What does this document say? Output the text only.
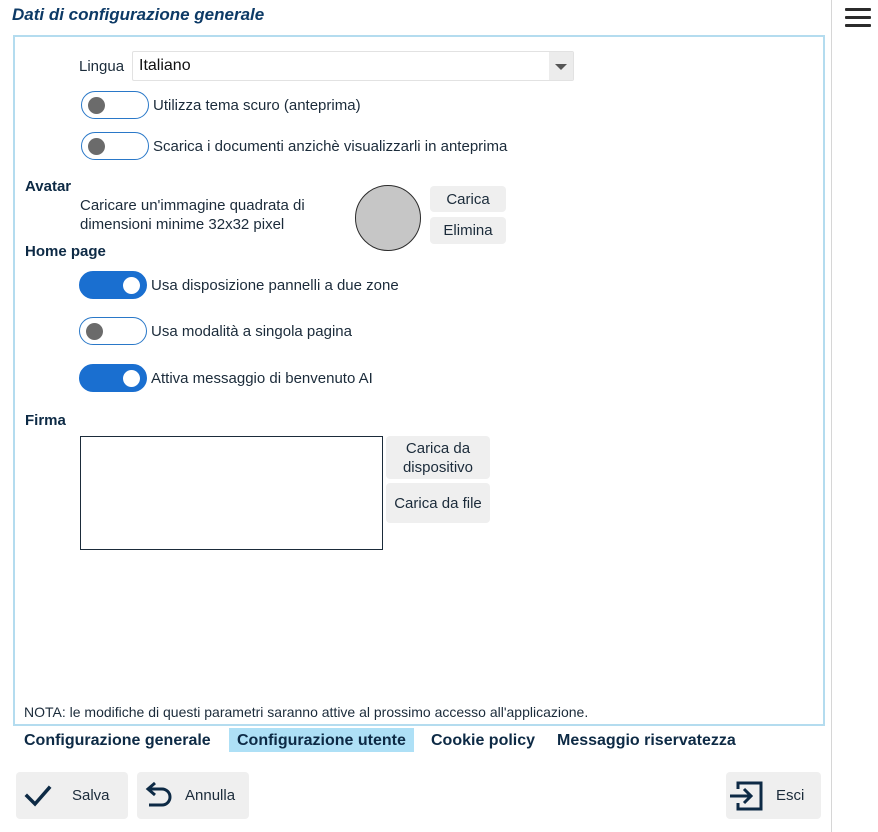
Dati di configurazione generale
Lingua Italiano
Utilizza tema scuro (anteprima)
Scarica i documenti anzichè visualizzarli in anteprima
Avatar
Caricare un'immagine quadrata di
dimensioni minime 32x32 pixel
Carica
Elimina
Home page
Usa disposizione pannelli a due zone
Usa modalità a singola pagina
Attiva messaggio di benvenuto AI
Firma
Carica da
dispositivo
Carica da file
NOTA: le modifiche di questi parametri saranno attive al prossimo accesso all'applicazione.
Configurazione generale	Configurazione utente	Cookie policy	Messaggio riservatezza
Salva	Annulla	Esci
